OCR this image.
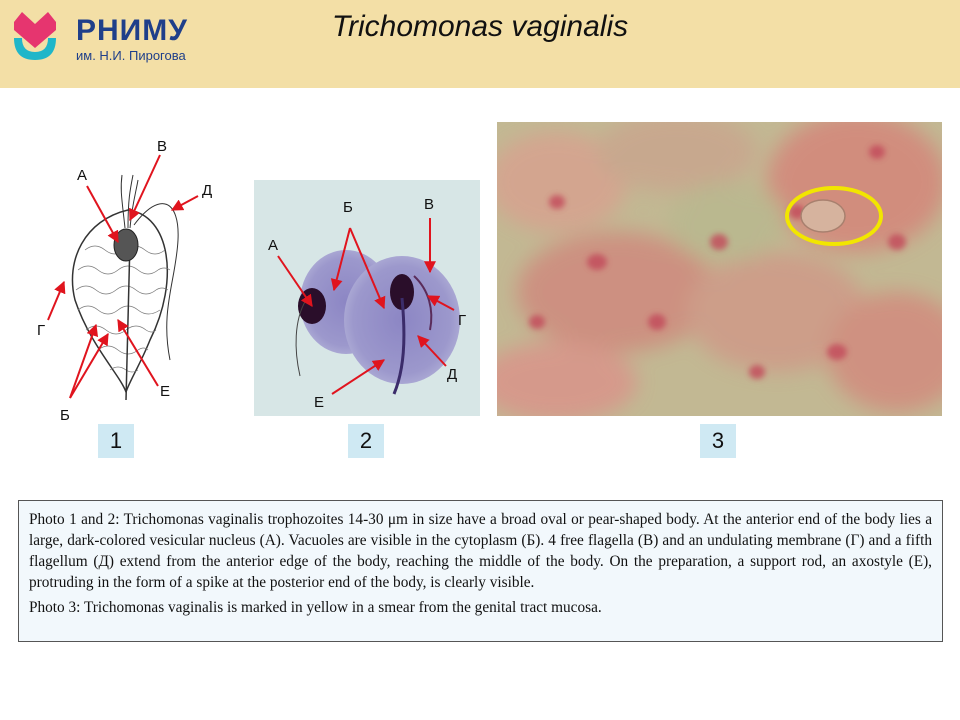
РНИМУ
им. Н.И. Пирогова
Trichomonas vaginalis
А
В
Д
Г
Е
Б
1
Б	В
А
Г
Д
Е
2	3

Photo 1 and 2: Trichomonas vaginalis trophozoites 14-30 μm in size have a broad oval or pear-shaped body. At the anterior end of the body lies a large, dark-colored vesicular nucleus (А). Vacuoles are visible in the cytoplasm (Б). 4 free flagella (В) and an undulating membrane (Г) and a fifth flagellum (Д) extend from the anterior edge of the body, reaching the middle of the body. On the preparation, a support rod, an axostyle (Е), protruding in the form of a spike at the posterior end of the body, is clearly visible.

Photo 3: Trichomonas vaginalis is marked in yellow in a smear from the genital tract mucosa.
